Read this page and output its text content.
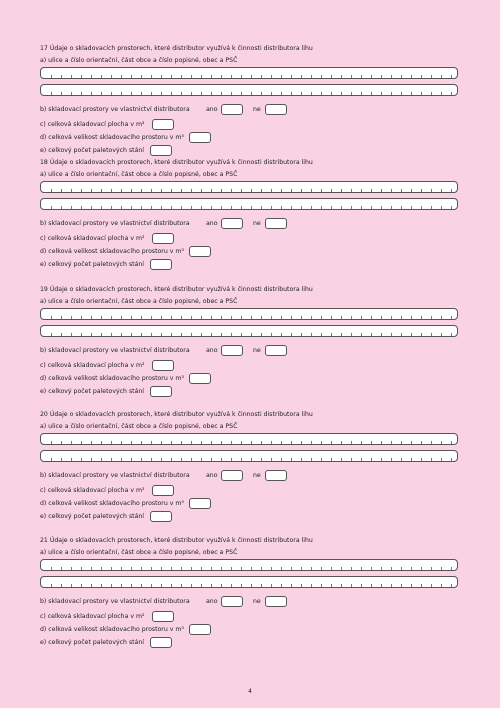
17 Údaje o skladovacích prostorech, které distributor využívá k činnosti distributora lihu
a) ulice a číslo orientační, část obce a číslo popisné, obec a PSČ
b) skladovací prostory ve vlastnictví distributora
c) celková skladovací plocha v m²
d) celková velikost skladovacího prostoru v m³
e) celkový počet paletových stání
ano	ne
18 Údaje o skladovacích prostorech, které distributor využívá k činnosti distributora lihu
a) ulice a číslo orientační, část obce a číslo popisné, obec a PSČ
b) skladovací prostory ve vlastnictví distributora
c) celková skladovací plocha v m²
d) celková velikost skladovacího prostoru v m³
e) celkový počet paletových stání
ano	ne
19 Údaje o skladovacích prostorech, které distributor využívá k činnosti distributora lihu
a) ulice a číslo orientační, část obce a číslo popisné, obec a PSČ
b) skladovací prostory ve vlastnictví distributora
c) celková skladovací plocha v m²
d) celková velikost skladovacího prostoru v m³
e) celkový počet paletových stání
ano	ne
20 Údaje o skladovacích prostorech, které distributor využívá k činnosti distributora lihu
a) ulice a číslo orientační, část obce a číslo popisné, obec a PSČ
b) skladovací prostory ve vlastnictví distributora
c) celková skladovací plocha v m²
d) celková velikost skladovacího prostoru v m³
e) celkový počet paletových stání
ano	ne
21 Údaje o skladovacích prostorech, které distributor využívá k činnosti distributora lihu
a) ulice a číslo orientační, část obce a číslo popisné, obec a PSČ
b) skladovací prostory ve vlastnictví distributora
c) celková skladovací plocha v m²
d) celková velikost skladovacího prostoru v m³
e) celkový počet paletových stání
ano	ne
4
